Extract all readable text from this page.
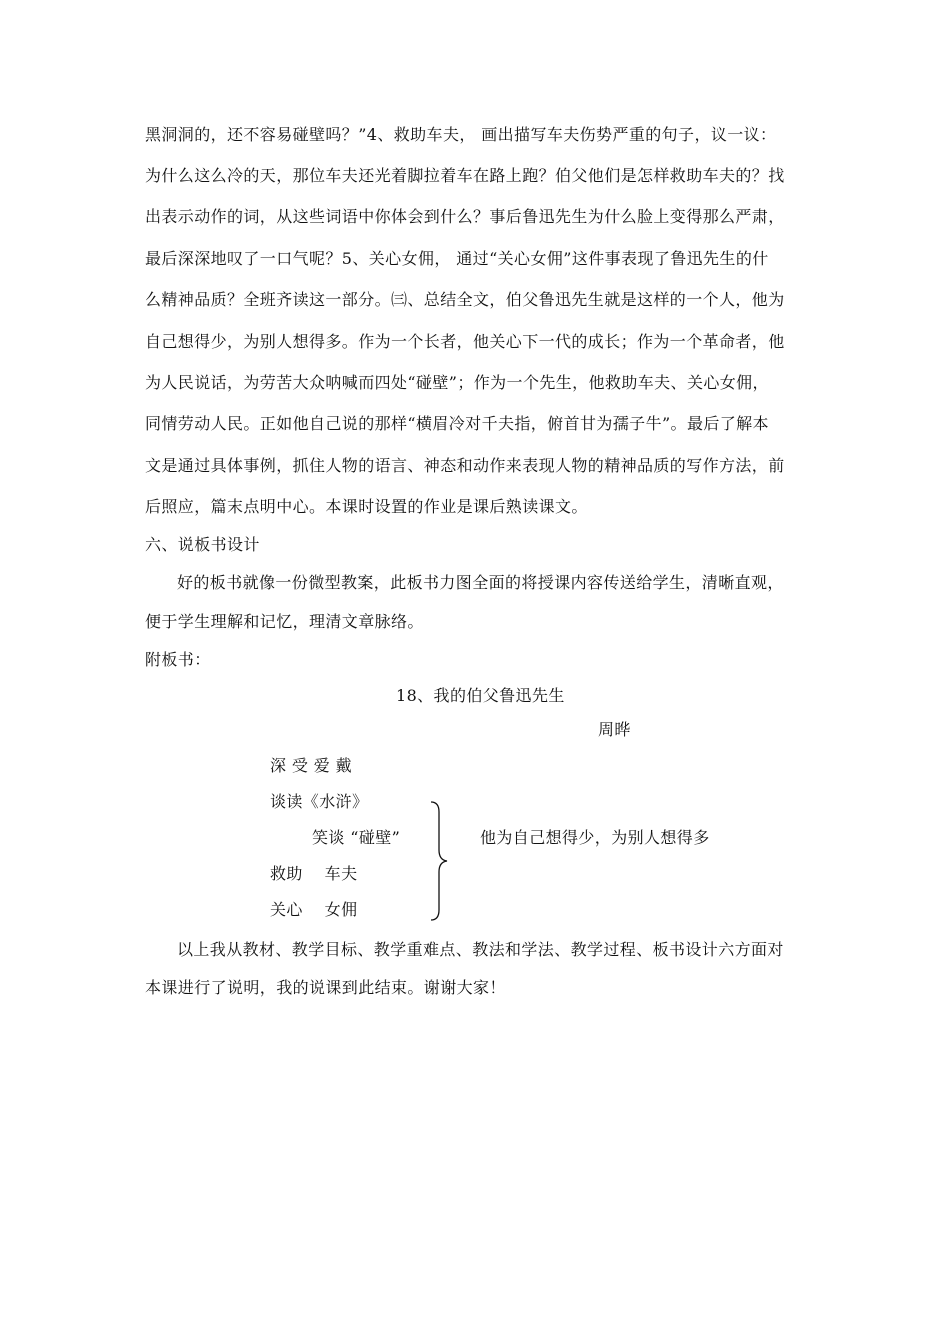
黑洞洞的，还不容易碰壁吗？”4、救助车夫， 画出描写车夫伤势严重的句子，议一议：
为什么这么冷的天，那位车夫还光着脚拉着车在路上跑？伯父他们是怎样救助车夫的？找
出表示动作的词，从这些词语中你体会到什么？事后鲁迅先生为什么脸上变得那么严肃，
最后深深地叹了一口气呢？5、关心女佣， 通过“关心女佣”这件事表现了鲁迅先生的什
么精神品质？全班齐读这一部分。㈢、总结全文，伯父鲁迅先生就是这样的一个人，他为
自己想得少，为别人想得多。作为一个长者，他关心下一代的成长；作为一个革命者，他
为人民说话，为劳苦大众呐喊而四处“碰壁”；作为一个先生，他救助车夫、关心女佣，
同情劳动人民。正如他自己说的那样“横眉冷对千夫指，俯首甘为孺子牛”。最后了解本
文是通过具体事例，抓住人物的语言、神态和动作来表现人物的精神品质的写作方法，前
后照应，篇末点明中心。本课时设置的作业是课后熟读课文。
六、说板书设计
好的板书就像一份微型教案，此板书力图全面的将授课内容传送给学生，清晰直观，
便于学生理解和记忆，理清文章脉络。
附板书：
18、我的伯父鲁迅先生
周晔
深 受 爱 戴
谈读《水浒》
笑谈 “碰壁”
救助　 车夫
关心　 女佣
他为自己想得少，为别人想得多
以上我从教材、教学目标、教学重难点、教法和学法、教学过程、板书设计六方面对
本课进行了说明，我的说课到此结束。谢谢大家！
